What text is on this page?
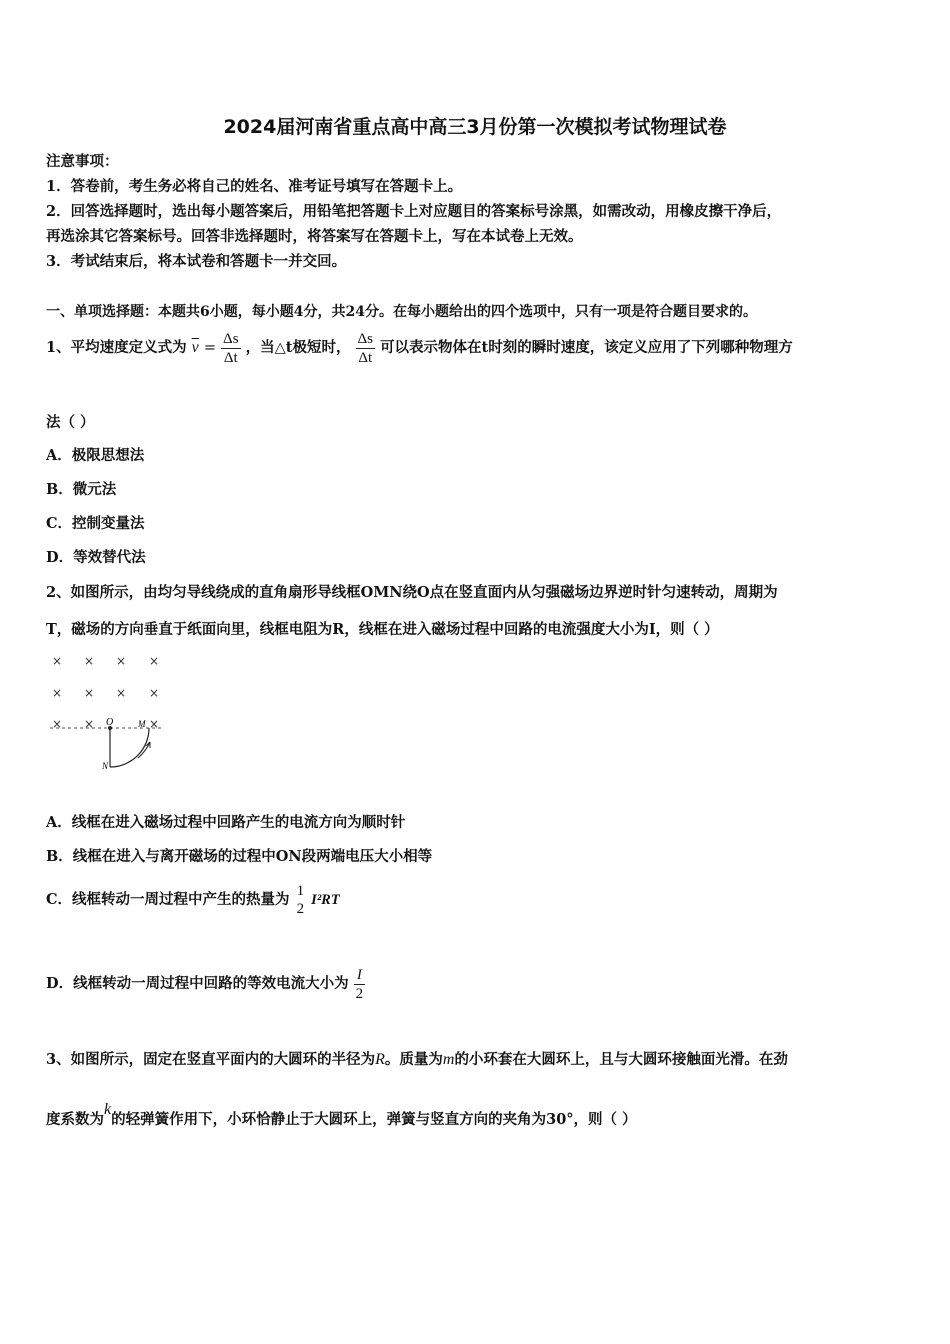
2024届河南省重点高中高三3月份第一次模拟考试物理试卷
注意事项：
1．答卷前，考生务必将自己的姓名、准考证号填写在答题卡上。
2．回答选择题时，选出每小题答案后，用铅笔把答题卡上对应题目的答案标号涂黑，如需改动，用橡皮擦干净后，
再选涂其它答案标号。回答非选择题时，将答案写在答题卡上，写在本试卷上无效。
3．考试结束后，将本试卷和答题卡一并交回。
一、单项选择题：本题共6小题，每小题4分，共24分。在每小题给出的四个选项中，只有一项是符合题目要求的。
1、平均速度定义式为 $\overline{v} = \frac{\Delta s}{\Delta t}$ ，当△t极短时， $\frac{\Delta s}{\Delta t}$ 可以表示物体在t时刻的瞬时速度，该定义应用了下列哪种物理方
法（ ）
A．极限思想法
B．微元法
C．控制变量法
D．等效替代法
2、如图所示，由均匀导线绕成的直角扇形导线框OMN绕O点在竖直面内从匀强磁场边界逆时针匀速转动，周期为
T，磁场的方向垂直于纸面向里，线框电阻为R，线框在进入磁场过程中回路的电流强度大小为I，则（ ）
× × × ×
× × × ×
× ×	×
O	M
N
A．线框在进入磁场过程中回路产生的电流方向为顺时针
B．线框在进入与离开磁场的过程中ON段两端电压大小相等
C．线框转动一周过程中产生的热量为 1
2
I²RT
D．线框转动一周过程中回路的等效电流大小为 $\frac{I}{2}$
3、如图所示，固定在竖直平面内的大圆环的半径为R。质量为m的小环套在大圆环上，且与大圆环接触面光滑。在劲
度系数为k的轻弹簧作用下，小环恰静止于大圆环上，弹簧与竖直方向的夹角为30°，则（ ）
